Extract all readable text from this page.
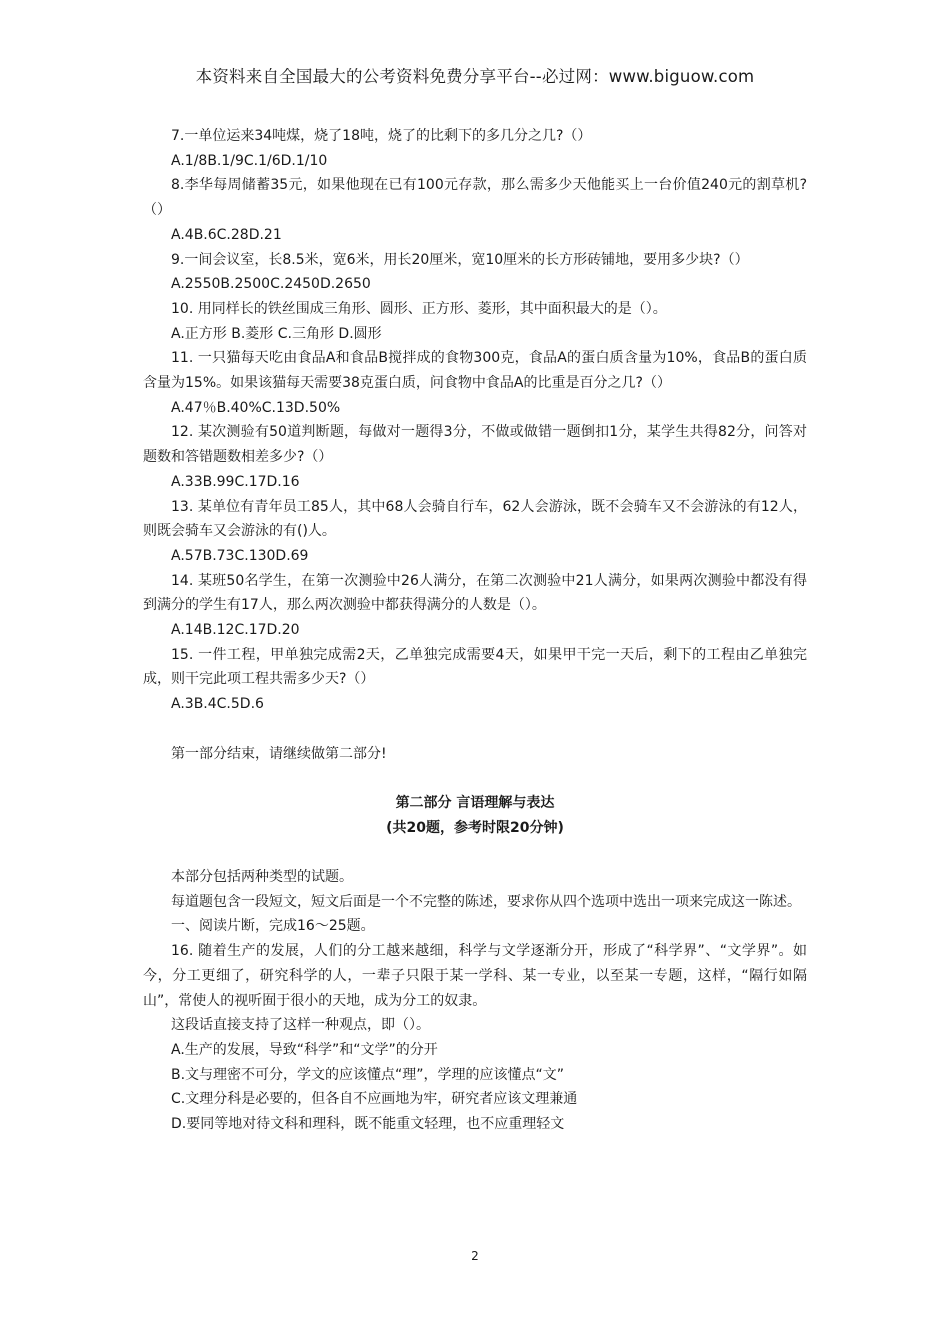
本资料来自全国最大的公考资料免费分享平台--必过网：www.biguow.com

7.一单位运来34吨煤，烧了18吨，烧了的比剩下的多几分之几?（）

A.1/8B.1/9C.1/6D.1/10

8.李华每周储蓄35元，如果他现在已有100元存款，那么需多少天他能买上一台价值240元的割草机?（）

A.4B.6C.28D.21

9.一间会议室，长8.5米，宽6米，用长20厘米，宽10厘米的长方形砖铺地，要用多少块?（）

A.2550B.2500C.2450D.2650

10. 用同样长的铁丝围成三角形、圆形、正方形、菱形，其中面积最大的是（）。

A.正方形 B.菱形 C.三角形 D.圆形

11. 一只猫每天吃由食品A和食品B搅拌成的食物300克，食品A的蛋白质含量为10%，食品B的蛋白质含量为15%。如果该猫每天需要38克蛋白质，问食物中食品A的比重是百分之几?（）

A.47％B.40%C.13D.50%

12. 某次测验有50道判断题，每做对一题得3分，不做或做错一题倒扣1分，某学生共得82分，问答对题数和答错题数相差多少?（）

A.33B.99C.17D.16

13. 某单位有青年员工85人，其中68人会骑自行车，62人会游泳，既不会骑车又不会游泳的有12人，则既会骑车又会游泳的有()人。

A.57B.73C.130D.69

14. 某班50名学生，在第一次测验中26人满分，在第二次测验中21人满分，如果两次测验中都没有得到满分的学生有17人，那么两次测验中都获得满分的人数是（）。

A.14B.12C.17D.20

15. 一件工程，甲单独完成需2天，乙单独完成需要4天，如果甲干完一天后，剩下的工程由乙单独完成，则干完此项工程共需多少天?（）

A.3B.4C.5D.6

第一部分结束，请继续做第二部分!

第二部分 言语理解与表达

(共20题，参考时限20分钟)

本部分包括两种类型的试题。

每道题包含一段短文，短文后面是一个不完整的陈述，要求你从四个选项中选出一项来完成这一陈述。

一、阅读片断，完成16～25题。

16. 随着生产的发展，人们的分工越来越细，科学与文学逐渐分开，形成了“科学界”、“文学界”。如今，分工更细了，研究科学的人，一辈子只限于某一学科、某一专业，以至某一专题，这样，“隔行如隔山”，常使人的视听囿于很小的天地，成为分工的奴隶。

这段话直接支持了这样一种观点，即（）。

A.生产的发展，导致“科学”和“文学”的分开

B.文与理密不可分，学文的应该懂点“理”，学理的应该懂点“文”

C.文理分科是必要的，但各自不应画地为牢，研究者应该文理兼通

D.要同等地对待文科和理科，既不能重文轻理，也不应重理轻文

2
